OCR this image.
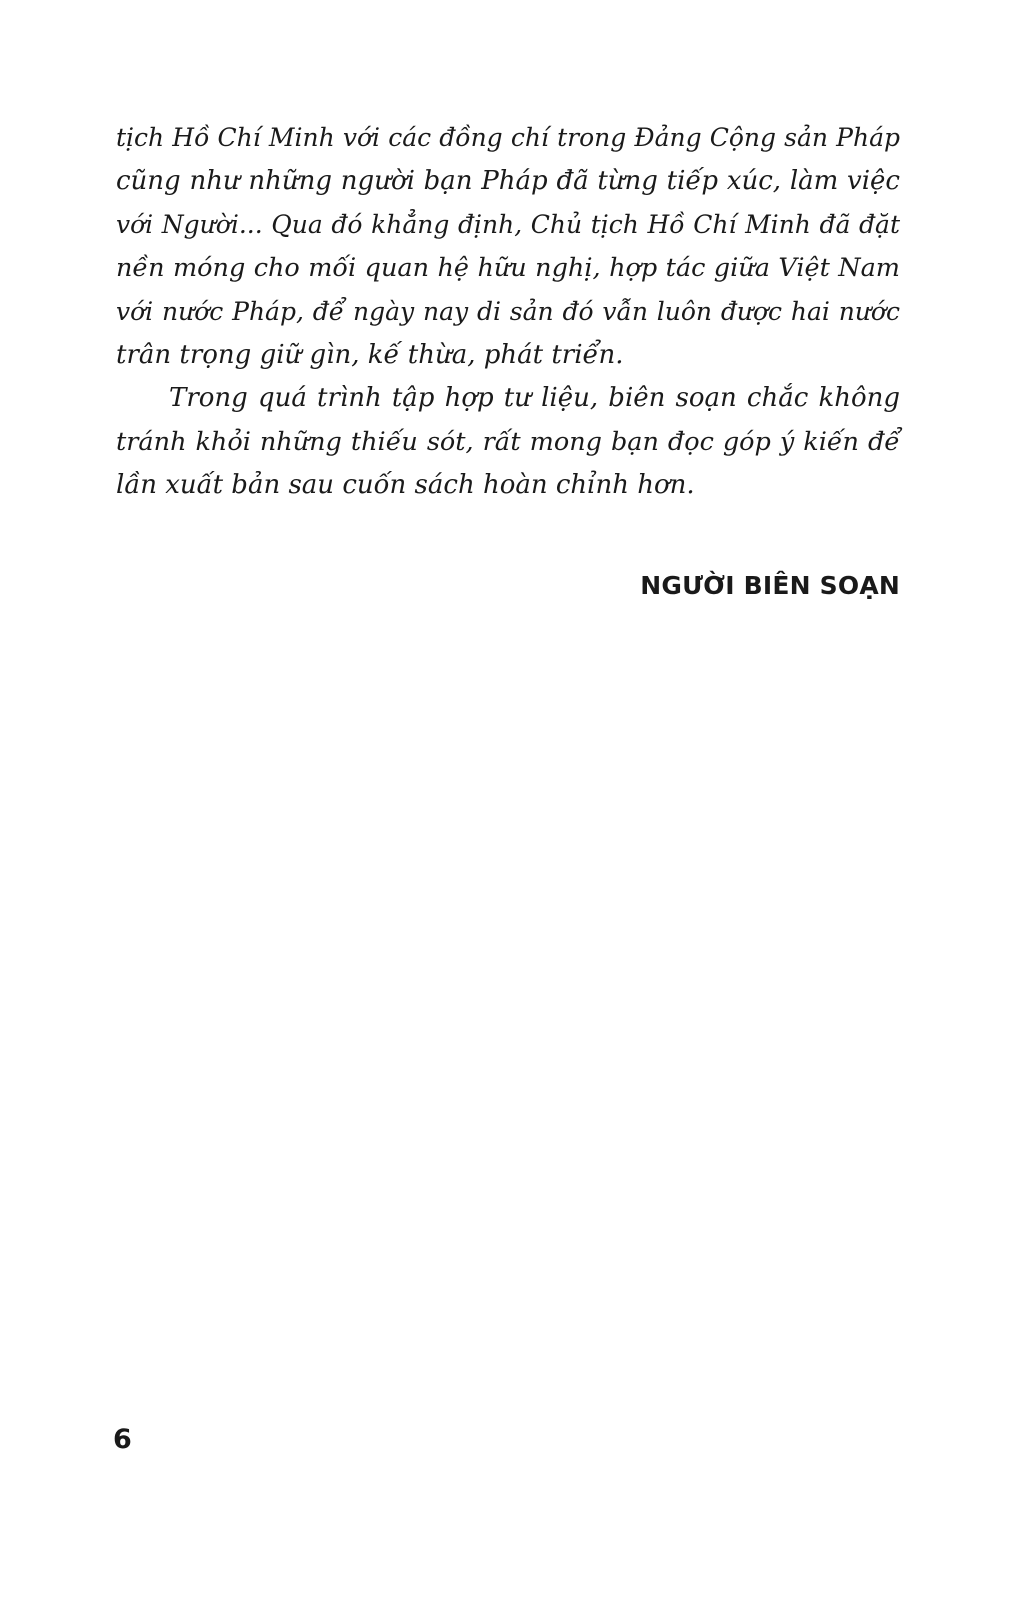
tịch Hồ Chí Minh với các đồng chí trong Đảng Cộng sản Pháp
cũng như những người bạn Pháp đã từng tiếp xúc, làm việc
với Người... Qua đó khẳng định, Chủ tịch Hồ Chí Minh đã đặt
nền móng cho mối quan hệ hữu nghị, hợp tác giữa Việt Nam
với nước Pháp, để ngày nay di sản đó vẫn luôn được hai nước
trân trọng giữ gìn, kế thừa, phát triển.
Trong quá trình tập hợp tư liệu, biên soạn chắc không
tránh khỏi những thiếu sót, rất mong bạn đọc góp ý kiến để
lần xuất bản sau cuốn sách hoàn chỉnh hơn.
NGƯỜI BIÊN SOẠN
6
